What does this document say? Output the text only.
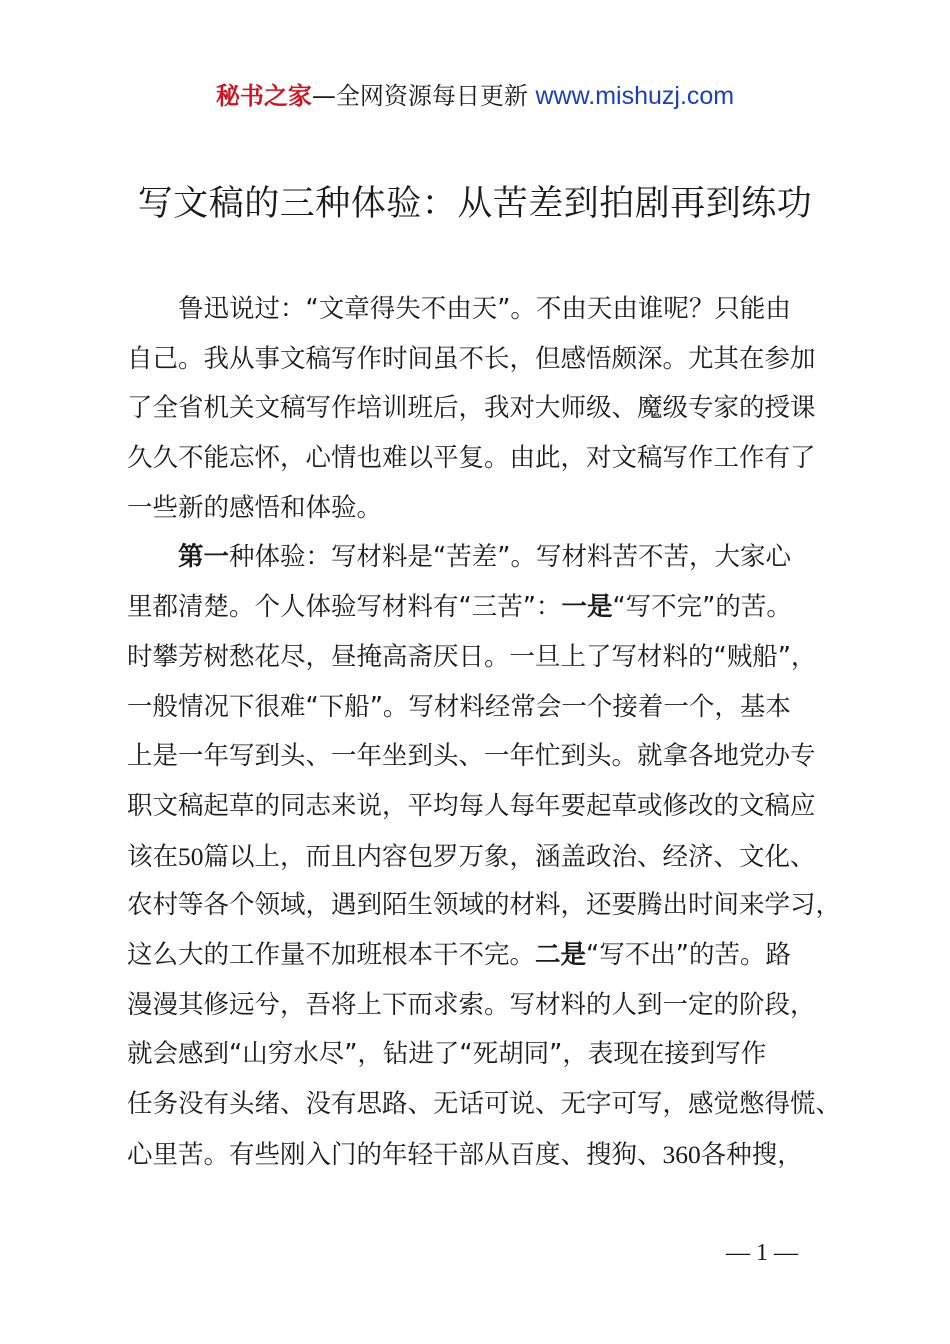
秘书之家—全网资源每日更新 www.mishuzj.com
写文稿的三种体验：从苦差到拍剧再到练功
鲁迅说过：“文章得失不由天”。不由天由谁呢？只能由
自己。我从事文稿写作时间虽不长，但感悟颇深。尤其在参加
了全省机关文稿写作培训班后，我对大师级、魔级专家的授课
久久不能忘怀，心情也难以平复。由此，对文稿写作工作有了
一些新的感悟和体验。
第一种体验：写材料是“苦差”。写材料苦不苦，大家心
里都清楚。个人体验写材料有“三苦”：一是“写不完”的苦。
时攀芳树愁花尽，昼掩高斋厌日。一旦上了写材料的“贼船”，
一般情况下很难“下船”。写材料经常会一个接着一个，基本
上是一年写到头、一年坐到头、一年忙到头。就拿各地党办专
职文稿起草的同志来说，平均每人每年要起草或修改的文稿应
该在50篇以上，而且内容包罗万象，涵盖政治、经济、文化、
农村等各个领域，遇到陌生领域的材料，还要腾出时间来学习，
这么大的工作量不加班根本干不完。二是“写不出”的苦。路
漫漫其修远兮，吾将上下而求索。写材料的人到一定的阶段，
就会感到“山穷水尽”，钻进了“死胡同”，表现在接到写作
任务没有头绪、没有思路、无话可说、无字可写，感觉憋得慌、
心里苦。有些刚入门的年轻干部从百度、搜狗、360各种搜，
— 1 —
